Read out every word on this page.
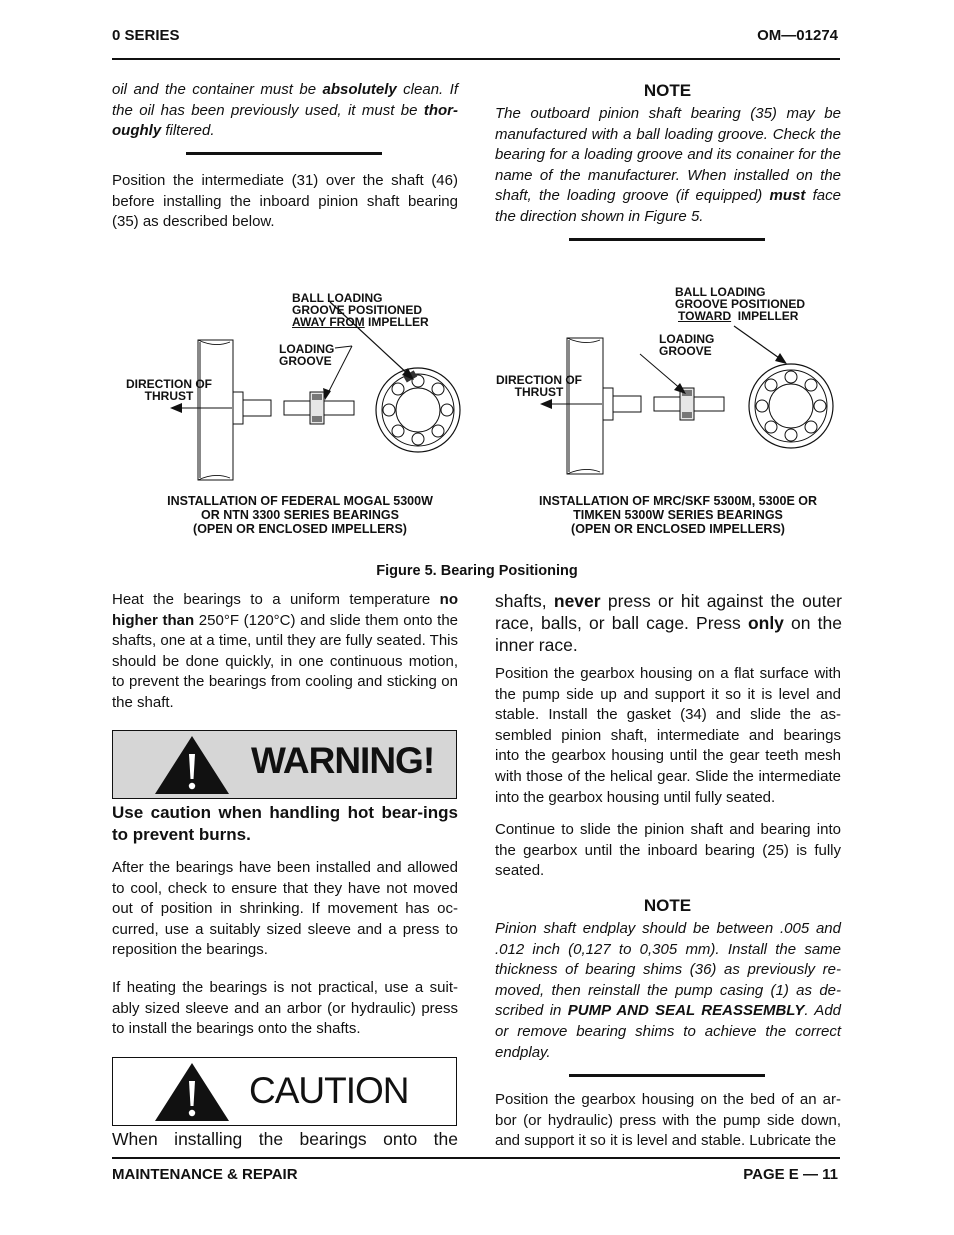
0 SERIES	OM—01274
oil and the container must be absolutely clean. If the oil has been previously used, it must be thor-oughly filtered.
Position the intermediate (31) over the shaft (46) before installing the inboard pinion shaft bearing (35) as described below.
NOTE
The outboard pinion shaft bearing (35) may be manufactured with a ball loading groove. Check the bearing for a loading groove and its conainer for the name of the manufacturer. When installed on the shaft, the loading groove (if equipped) must face the direction shown in Figure 5.
BALL LOADING
GROOVE POSITIONED
AWAY FROM IMPELLER
LOADING
GROOVE
DIRECTION OF
THRUST
INSTALLATION OF FEDERAL MOGAL 5300W
OR NTN 3300 SERIES BEARINGS
(OPEN OR ENCLOSED IMPELLERS)
BALL LOADING
GROOVE POSITIONED
TOWARD  IMPELLER
LOADING
GROOVE
DIRECTION OF
THRUST
INSTALLATION OF MRC/SKF 5300M, 5300E OR
TIMKEN 5300W SERIES BEARINGS
(OPEN OR ENCLOSED IMPELLERS)
Figure 5. Bearing Positioning
Heat the bearings to a uniform temperature no higher than 250°F (120°C) and slide them onto the shafts, one at a time, until they are fully seated. This should be done quickly, in one continuous motion, to prevent the bearings from cooling and sticking on the shaft.
WARNING!
Use caution when handling hot bear-ings to prevent burns.
After the bearings have been installed and allowed to cool, check to ensure that they have not moved out of position in shrinking. If movement has oc-curred, use a suitably sized sleeve and a press to reposition the bearings.
If heating the bearings is not practical, use a suit-ably sized sleeve and an arbor (or hydraulic) press to install the bearings onto the shafts.
CAUTION
When installing the bearings onto the
shafts, never press or hit against the outer race, balls, or ball cage. Press only on the inner race.
Position the gearbox housing on a flat surface with the pump side up and support it so it is level and stable. Install the gasket (34) and slide the as-sembled pinion shaft, intermediate and bearings into the gearbox housing until the gear teeth mesh with those of the helical gear. Slide the intermediate into the gearbox housing until fully seated.
Continue to slide the pinion shaft and bearing into the gearbox until the inboard bearing (25) is fully seated.
NOTE
Pinion shaft endplay should be between .005 and .012 inch (0,127 to 0,305 mm). Install the same thickness of bearing shims (36) as previously re-moved, then reinstall the pump casing (1) as de-scribed in PUMP AND SEAL REASSEMBLY. Add or remove bearing shims to achieve the correct endplay.
Position the gearbox housing on the bed of an ar-bor (or hydraulic) press with the pump side down, and support it so it is level and stable. Lubricate the
MAINTENANCE & REPAIR	PAGE E — 11
